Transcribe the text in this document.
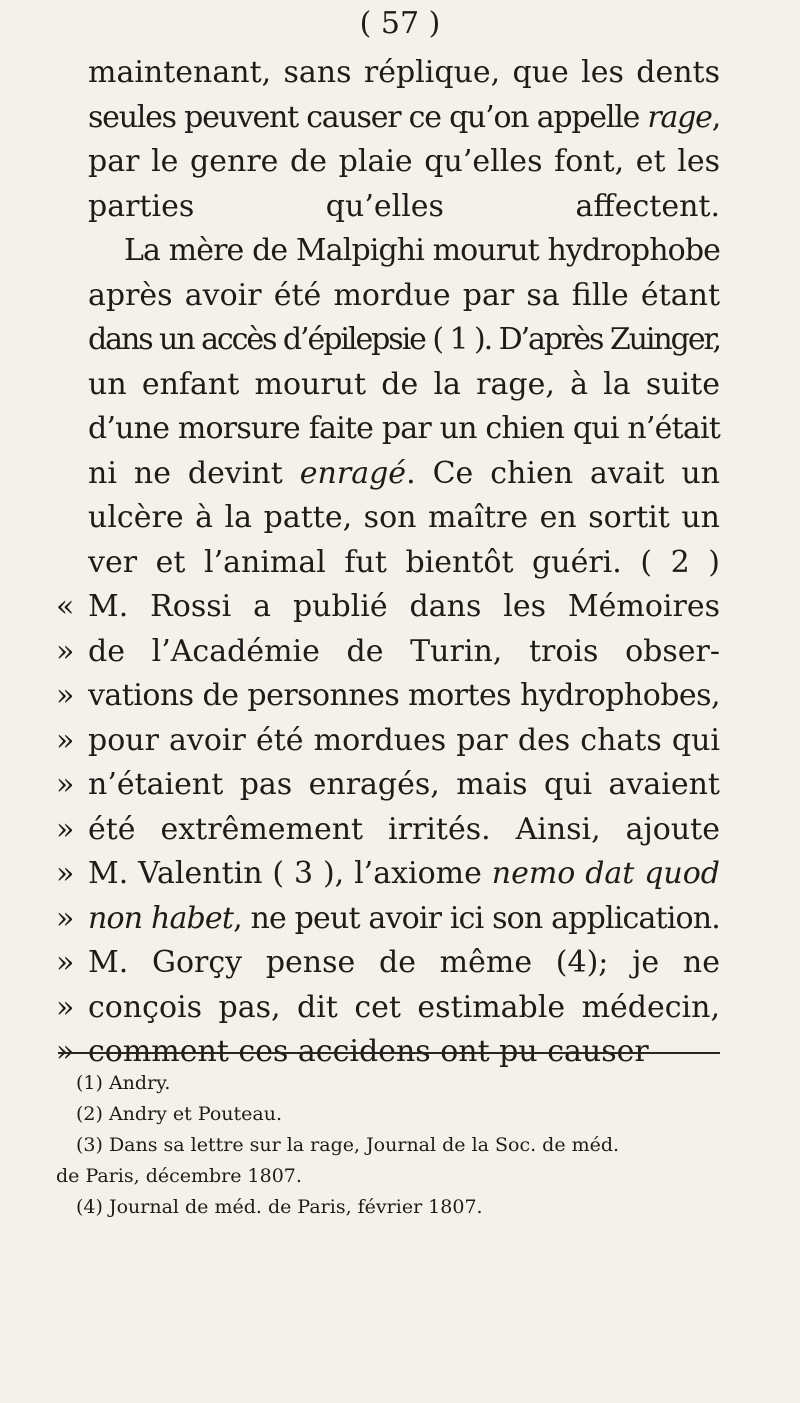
( 57 )
maintenant, sans réplique, que les dents
seules peuvent causer ce qu’on appelle rage,
par le genre de plaie qu’elles font, et les
parties qu’elles affectent.
La mère de Malpighi mourut hydrophobe
après avoir été mordue par sa fille étant
dans un accès d’épilepsie ( 1 ). D’après Zuinger,
un enfant mourut de la rage, à la suite
d’une morsure faite par un chien qui n’était
ni ne devint enragé. Ce chien avait un
ulcère à la patte, son maître en sortit un
ver et l’animal fut bientôt guéri. ( 2 )
« M. Rossi a publié dans les Mémoires
» de l’Académie de Turin, trois obser-
» vations de personnes mortes hydrophobes,
» pour avoir été mordues par des chats qui
» n’étaient pas enragés, mais qui avaient
» été extrêmement irrités. Ainsi, ajoute
» M. Valentin ( 3 ), l’axiome nemo dat quod
» non habet, ne peut avoir ici son application.
» M. Gorçy pense de même (4); je ne
» conçois pas, dit cet estimable médecin,
» comment ces accidens ont pu causer
(1) Andry.
(2) Andry et Pouteau.
(3) Dans sa lettre sur la rage, Journal de la Soc. de méd.
de Paris, décembre 1807.
(4) Journal de méd. de Paris, février 1807.
